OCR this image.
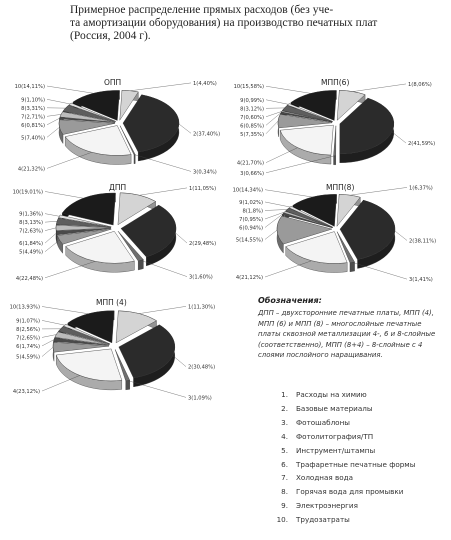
Примерное распределение прямых расходов (без уче-
та амортизации оборудования) на производство печатных плат
(Россия, 2004 г).
ОПП	1(4,40%)
2(37,40%)
3(0,34%)
10(14,11%)
9(1,10%)
8(3,31%)
7(2,71%)
6(0,81%)
5(7,40%)
4(21,32%)
МПП(6)	1(8,06%)
2(41,59%)
10(15,58%)
9(0,99%)
8(3,12%)
7(0,60%)
6(0,85%)
5(7,35%)
4(21,70%)
3(0,66%)
ДПП	1(11,05%)
2(29,48%)
3(1,60%)
10(19,01%)
9(1,36%)
8(3,13%)
7(2,63%)
6(1,84%)
5(4,49%)
4(22,48%)
МПП(8)	1(6,37%)
2(38,11%)
3(1,41%)
10(14,34%)
9(1,02%)
8(1,8%)
7(0,95%)
6(0,94%)
5(14,55%)
4(21,12%)
МПП (4)
1(11,30%)
2(30,48%)
3(1,09%)
10(13,93%)
9(1,07%)
8(2,56%)
7(2,65%)
6(1,74%)
5(4,59%)
4(23,12%)
Обозначения:

ДПП – двухсторонние печатные платы, МПП (4), МПП (6) и МПП (8) – многослойные печатные платы сквозной металлизации 4-, 6 и 8-слойные (соответственно), МПП (8+4) – 8-слойные с 4 слоями послойного наращивания.

1. Расходы на химию
2. Базовые материалы
3. Фотошаблоны
4. Фотолитография/ТП
5. Инструмент/штампы
6. Трафаретные печатные формы
7. Холодная вода
8. Горячая вода для промывки
9. Электроэнергия
10. Трудозатраты
